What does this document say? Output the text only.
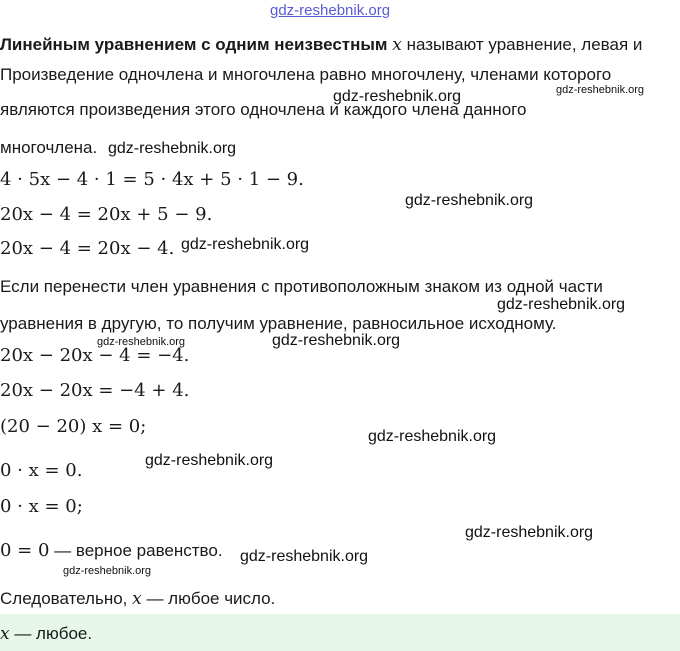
gdz-reshebnik.org
Линейным уравнением с одним неизвестным x называют уравнение, левая и
Произведение одночлена и многочлена равно многочлену, членами которого
являются произведения этого одночлена и каждого члена данного
многочлена.
4 · 5x − 4 · 1 = 5 · 4x + 5 · 1 − 9.
20x − 4 = 20x + 5 − 9.
20x − 4 = 20x − 4.
Если перенести член уравнения с противоположным знаком из одной части
уравнения в другую, то получим уравнение, равносильное исходному.
20x − 20x − 4 = −4.
20x − 20x = −4 + 4.
(20 − 20) x = 0;
0 · x = 0.
0 · x = 0;
0 = 0 — верное равенство.
Следовательно, x — любое число.
x — любое.
gdz-reshebnik.org	gdz-reshebnik.org
gdz-reshebnik.org
gdz-reshebnik.org
gdz-reshebnik.org
gdz-reshebnik.org
gdz-reshebnik.org	gdz-reshebnik.org
gdz-reshebnik.org
gdz-reshebnik.org
gdz-reshebnik.org
gdz-reshebnik.org
gdz-reshebnik.org
